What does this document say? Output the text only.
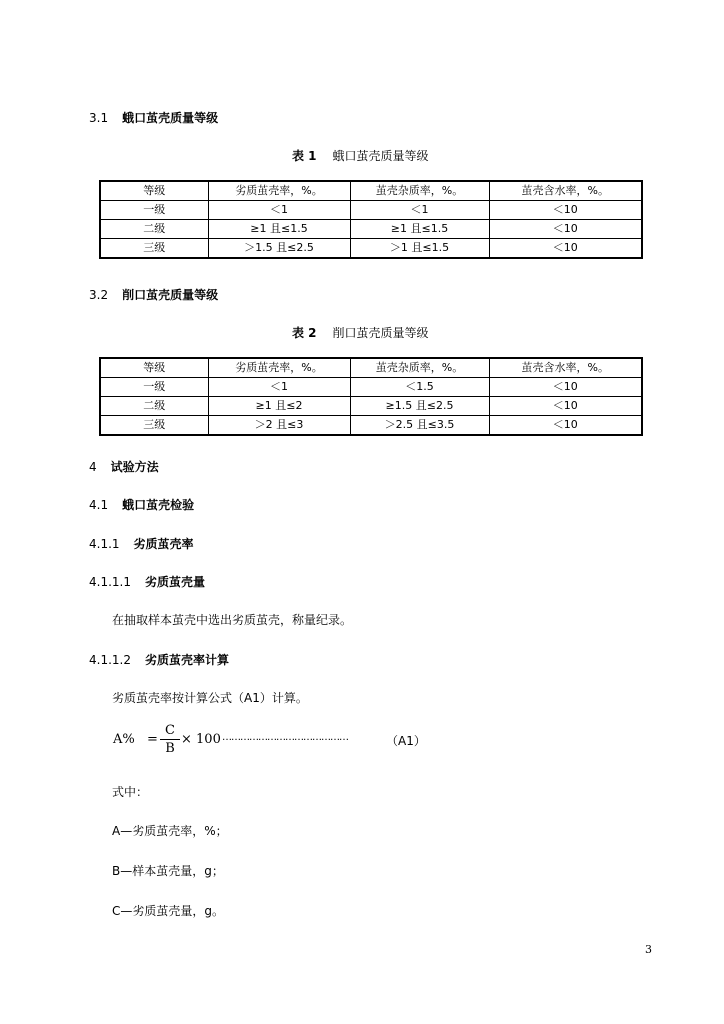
3.1 蛾口茧壳质量等级
表 1 蛾口茧壳质量等级
等级	劣质茧壳率，%。	茧壳杂质率，%。	茧壳含水率，%。
一级	＜1	＜1	＜10
二级	≥1 且≤1.5	≥1 且≤1.5	＜10
三级	＞1.5 且≤2.5	＞1 且≤1.5	＜10
3.2 削口茧壳质量等级
表 2 削口茧壳质量等级
等级	劣质茧壳率，%。	茧壳杂质率，%。	茧壳含水率，%。
一级	＜1	＜1.5	＜10
二级	≥1 且≤2	≥1.5 且≤2.5	＜10
三级	＞2 且≤3	＞2.5 且≤3.5	＜10
4 试验方法
4.1 蛾口茧壳检验
4.1.1 劣质茧壳率
4.1.1.1 劣质茧壳量
在抽取样本茧壳中选出劣质茧壳，称量纪录。
4.1.1.2 劣质茧壳率计算
劣质茧壳率按计算公式（A1）计算。
A% =
C
B
× 100 ……………………………………	（A1）
式中：
A—劣质茧壳率，%；
B—样本茧壳量，g；
C—劣质茧壳量，g。
3
